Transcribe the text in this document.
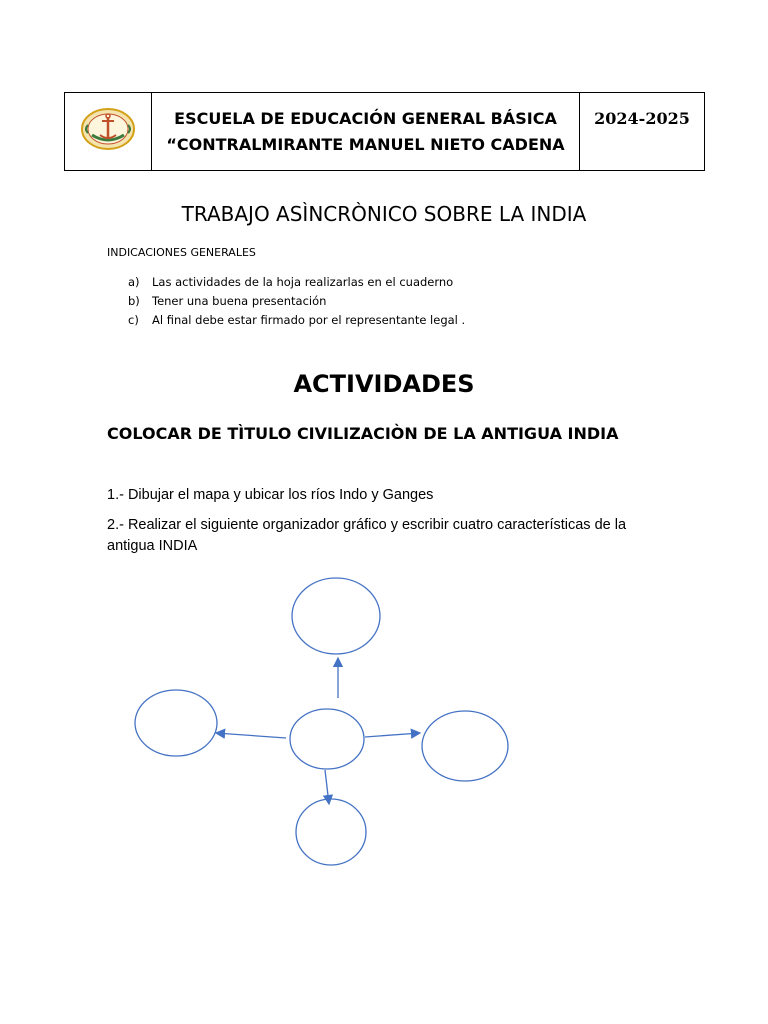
ESCUELA DE EDUCACIÓN GENERAL BÁSICA
“CONTRALMIRANTE MANUEL NIETO CADENA
	2024-2025
TRABAJO ASÌNCRÒNICO SOBRE LA INDIA
INDICACIONES GENERALES
a)	Las actividades de la hoja realizarlas en el cuaderno
b)	Tener una buena presentación
c)	Al final debe estar firmado por el representante legal .
ACTIVIDADES
COLOCAR DE TÌTULO CIVILIZACIÒN DE LA ANTIGUA INDIA

1.- Dibujar el mapa y ubicar los ríos Indo y Ganges

2.- Realizar el siguiente organizador gráfico y escribir cuatro características de la antigua INDIA
